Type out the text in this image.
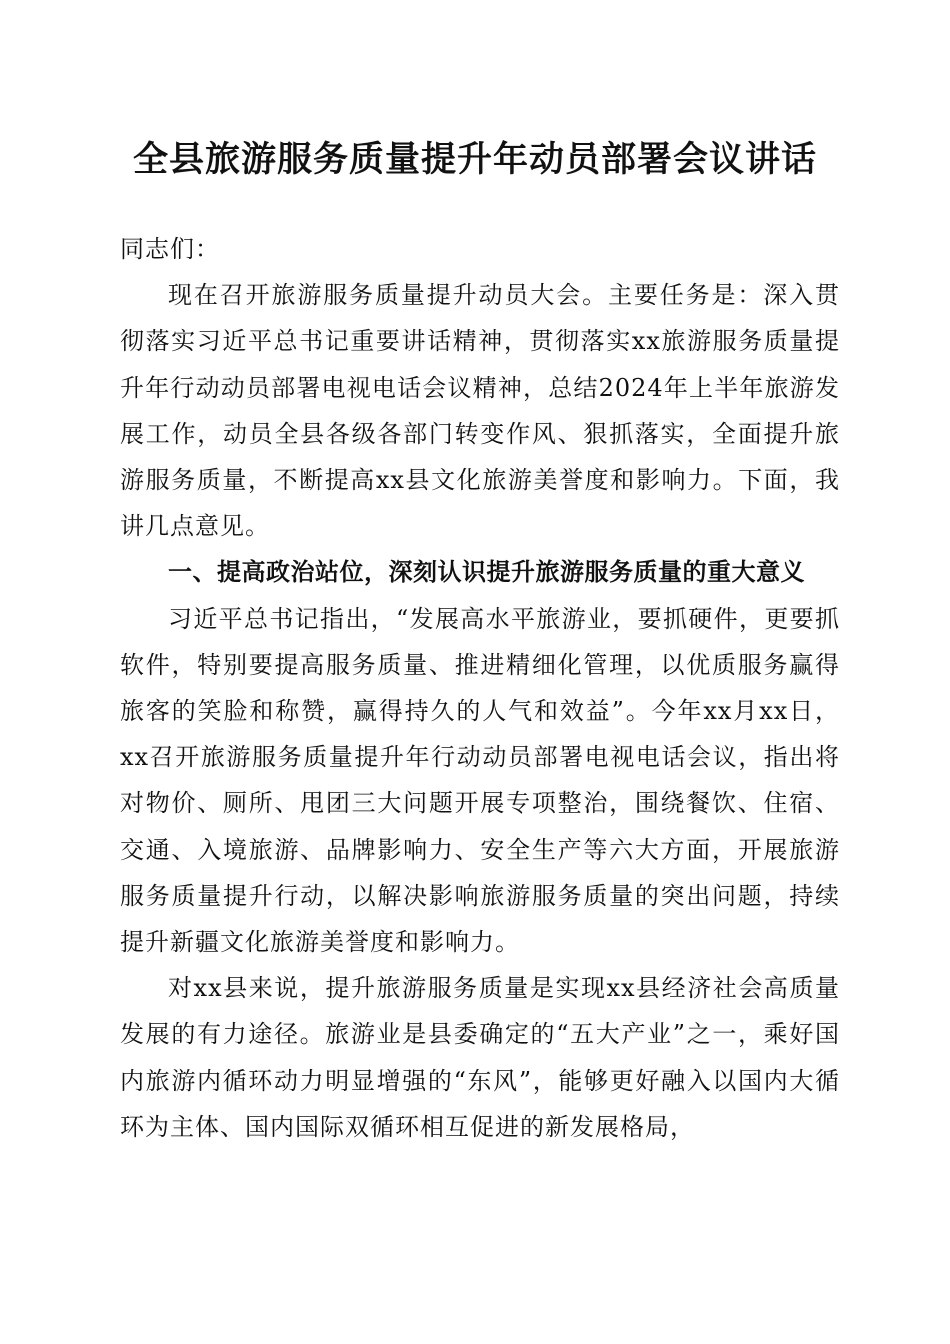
全县旅游服务质量提升年动员部署会议讲话

同志们：

现在召开旅游服务质量提升动员大会。主要任务是：深入贯彻落实习近平总书记重要讲话精神，贯彻落实xx旅游服务质量提升年行动动员部署电视电话会议精神，总结2024年上半年旅游发展工作，动员全县各级各部门转变作风、狠抓落实，全面提升旅游服务质量，不断提高xx县文化旅游美誉度和影响力。下面，我讲几点意见。

一、提高政治站位，深刻认识提升旅游服务质量的重大意义

习近平总书记指出，“发展高水平旅游业，要抓硬件，更要抓软件，特别要提高服务质量、推进精细化管理，以优质服务赢得旅客的笑脸和称赞，赢得持久的人气和效益”。今年xx月xx日，xx召开旅游服务质量提升年行动动员部署电视电话会议，指出将对物价、厕所、甩团三大问题开展专项整治，围绕餐饮、住宿、交通、入境旅游、品牌影响力、安全生产等六大方面，开展旅游服务质量提升行动，以解决影响旅游服务质量的突出问题，持续提升新疆文化旅游美誉度和影响力。

对xx县来说，提升旅游服务质量是实现xx县经济社会高质量发展的有力途径。旅游业是县委确定的“五大产业”之一，乘好国内旅游内循环动力明显增强的“东风”，能够更好融入以国内大循环为主体、国内国际双循环相互促进的新发展格局，
